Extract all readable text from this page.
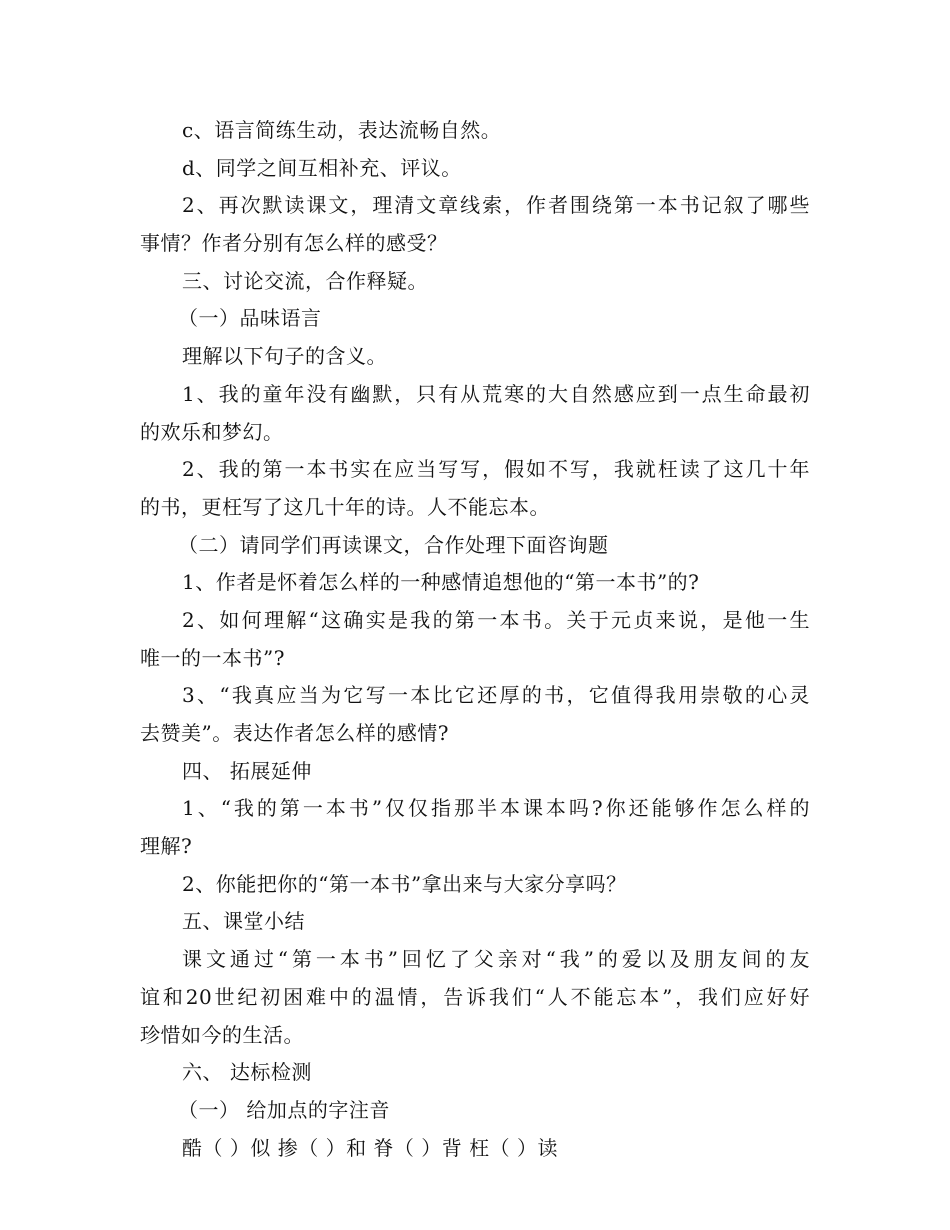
c、语言简练生动，表达流畅自然。
d、同学之间互相补充、评议。
2、再次默读课文，理清文章线索，作者围绕第一本书记叙了哪些
事情？作者分别有怎么样的感受？
三、讨论交流，合作释疑。
（一）品味语言
理解以下句子的含义。
1、我的童年没有幽默，只有从荒寒的大自然感应到一点生命最初
的欢乐和梦幻。
2、我的第一本书实在应当写写，假如不写，我就枉读了这几十年
的书，更枉写了这几十年的诗。人不能忘本。
（二）请同学们再读课文，合作处理下面咨询题
1、作者是怀着怎么样的一种感情追想他的“第一本书”的?
2、如何理解“这确实是我的第一本书。关于元贞来说，是他一生
唯一的一本书”?
3、“我真应当为它写一本比它还厚的书，它值得我用崇敬的心灵
去赞美”。表达作者怎么样的感情?
四、 拓展延伸
1、“我的第一本书”仅仅指那半本课本吗?你还能够作怎么样的
理解?
2、你能把你的“第一本书”拿出来与大家分享吗？
五、课堂小结
课文通过“第一本书”回忆了父亲对“我”的爱以及朋友间的友
谊和20世纪初困难中的温情，告诉我们“人不能忘本”，我们应好好
珍惜如今的生活。
六、 达标检测
（一） 给加点的字注音
酷（ ）似 掺（ ）和 脊（ ）背 枉（ ）读
